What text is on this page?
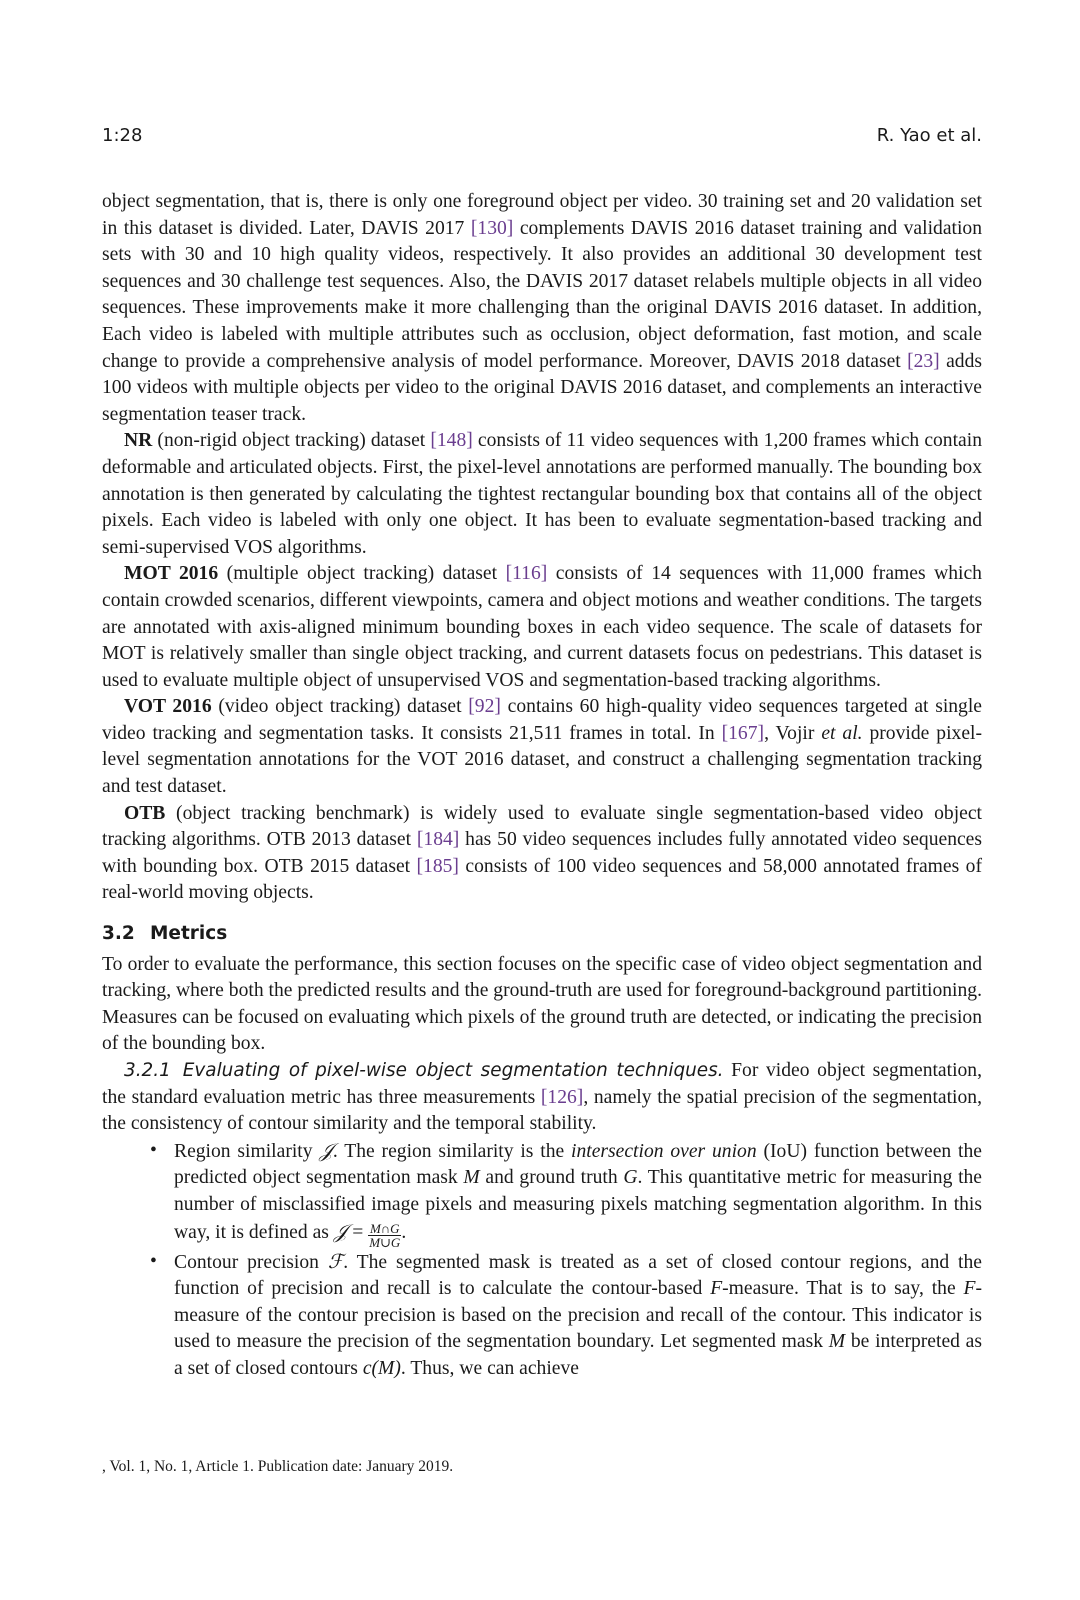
1:28	R. Yao et al.

object segmentation, that is, there is only one foreground object per video. 30 training set and 20 validation set in this dataset is divided. Later, DAVIS 2017 [130] complements DAVIS 2016 dataset training and validation sets with 30 and 10 high quality videos, respectively. It also provides an additional 30 development test sequences and 30 challenge test sequences. Also, the DAVIS 2017 dataset relabels multiple objects in all video sequences. These improvements make it more challenging than the original DAVIS 2016 dataset. In addition, Each video is labeled with multiple attributes such as occlusion, object deformation, fast motion, and scale change to provide a comprehensive analysis of model performance. Moreover, DAVIS 2018 dataset [23] adds 100 videos with multiple objects per video to the original DAVIS 2016 dataset, and complements an interactive segmentation teaser track.

NR (non-rigid object tracking) dataset [148] consists of 11 video sequences with 1,200 frames which contain deformable and articulated objects. First, the pixel-level annotations are performed manually. The bounding box annotation is then generated by calculating the tightest rectangular bounding box that contains all of the object pixels. Each video is labeled with only one object. It has been to evaluate segmentation-based tracking and semi-supervised VOS algorithms.

MOT 2016 (multiple object tracking) dataset [116] consists of 14 sequences with 11,000 frames which contain crowded scenarios, different viewpoints, camera and object motions and weather conditions. The targets are annotated with axis-aligned minimum bounding boxes in each video sequence. The scale of datasets for MOT is relatively smaller than single object tracking, and current datasets focus on pedestrians. This dataset is used to evaluate multiple object of unsupervised VOS and segmentation-based tracking algorithms.

VOT 2016 (video object tracking) dataset [92] contains 60 high-quality video sequences targeted at single video tracking and segmentation tasks. It consists 21,511 frames in total. In [167], Vojir et al. provide pixel-level segmentation annotations for the VOT 2016 dataset, and construct a challenging segmentation tracking and test dataset.

OTB (object tracking benchmark) is widely used to evaluate single segmentation-based video object tracking algorithms. OTB 2013 dataset [184] has 50 video sequences includes fully annotated video sequences with bounding box. OTB 2015 dataset [185] consists of 100 video sequences and 58,000 annotated frames of real-world moving objects.

3.2 Metrics

To order to evaluate the performance, this section focuses on the specific case of video object segmentation and tracking, where both the predicted results and the ground-truth are used for foreground-background partitioning. Measures can be focused on evaluating which pixels of the ground truth are detected, or indicating the precision of the bounding box.

3.2.1 Evaluating of pixel-wise object segmentation techniques. For video object segmentation, the standard evaluation metric has three measurements [126], namely the spatial precision of the segmentation, the consistency of contour similarity and the temporal stability.

• Region similarity 𝒥. The region similarity is the intersection over union (IoU) function between the predicted object segmentation mask M and ground truth G. This quantitative metric for measuring the number of misclassified image pixels and measuring pixels matching segmentation algorithm. In this way, it is defined as 𝒥 = $\frac{M\cap G}{M\cup G}$ .
• Contour precision ℱ. The segmented mask is treated as a set of closed contour regions, and the function of precision and recall is to calculate the contour-based F-measure. That is to say, the F-measure of the contour precision is based on the precision and recall of the contour. This indicator is used to measure the precision of the segmentation boundary. Let segmented mask M be interpreted as a set of closed contours c(M). Thus, we can achieve
, Vol. 1, No. 1, Article 1. Publication date: January 2019.
